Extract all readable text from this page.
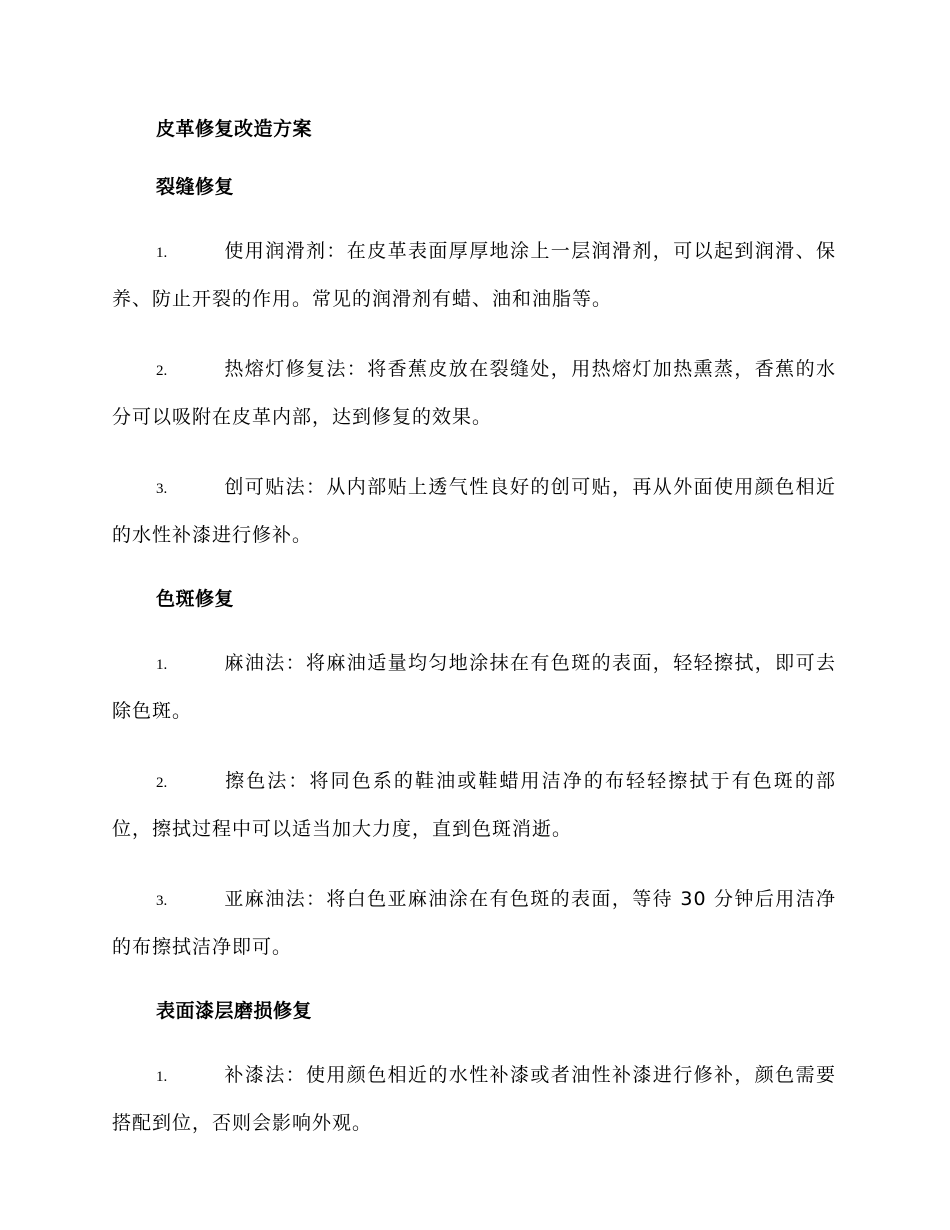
皮革修复改造方案
裂缝修复

1.	使用润滑剂：在皮革表面厚厚地涂上一层润滑剂，可以起到润滑、保养、防止开裂的作用。常见的润滑剂有蜡、油和油脂等。

2.	热熔灯修复法：将香蕉皮放在裂缝处，用热熔灯加热熏蒸，香蕉的水分可以吸附在皮革内部，达到修复的效果。

3.	创可贴法：从内部贴上透气性良好的创可贴，再从外面使用颜色相近的水性补漆进行修补。

色斑修复

1.	麻油法：将麻油适量均匀地涂抹在有色斑的表面，轻轻擦拭，即可去除色斑。

2.	擦色法：将同色系的鞋油或鞋蜡用洁净的布轻轻擦拭于有色斑的部位，擦拭过程中可以适当加大力度，直到色斑消逝。

3.	亚麻油法：将白色亚麻油涂在有色斑的表面，等待 30 分钟后用洁净的布擦拭洁净即可。

表面漆层磨损修复

1.	补漆法：使用颜色相近的水性补漆或者油性补漆进行修补，颜色需要搭配到位，否则会影响外观。
